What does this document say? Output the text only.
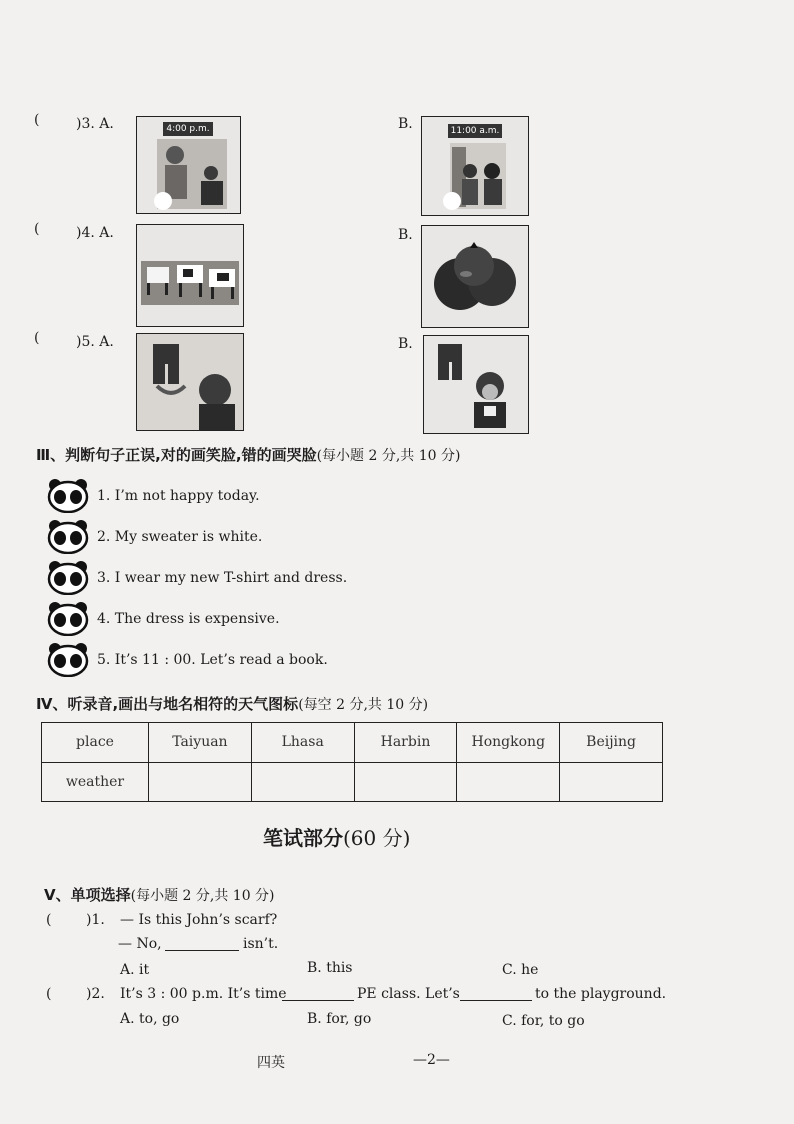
(	)3. A.	4:00 p.m.	B.	11:00 a.m.
(	)4. A.	B.
(	)5. A.	B.
Ⅲ、判断句子正误,对的画笑脸,错的画哭脸(每小题 2 分,共 10 分)
1. I’m not happy today.
2. My sweater is white.
3. I wear my new T-shirt and dress.
4. The dress is expensive.
5. It’s 11 : 00. Let’s read a book.
Ⅳ、听录音,画出与地名相符的天气图标(每空 2 分,共 10 分)
place	Taiyuan	Lhasa	Harbin	Hongkong	Beijing
weather					
笔试部分(60 分)
Ⅴ、单项选择(每小题 2 分,共 10 分)
( )1. — Is this John’s scarf?
— No,	isn’t.
A. it	B. this	C. he
( )2. It’s 3 : 00 p.m. It’s time	PE class. Let’s	to the playground.
A. to, go	B. for, go	C. for, to go
四英	—2—
